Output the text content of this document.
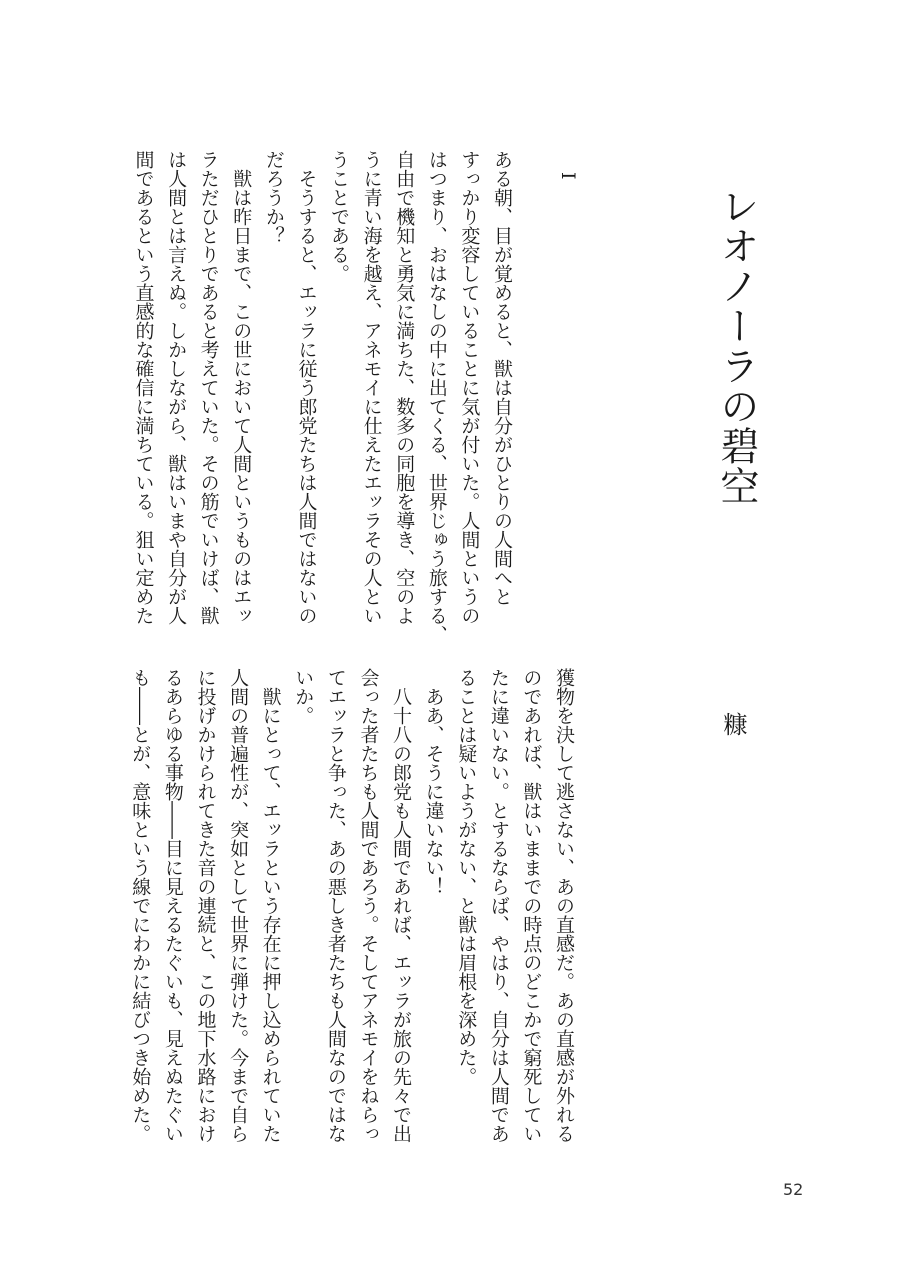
レオノーラの碧空
糠
I

ある朝、目が覚めると、獣は自分がひとりの人間へと
すっかり変容していることに気が付いた。人間というの
はつまり、おはなしの中に出てくる、世界じゅう旅する、
自由で機知と勇気に満ちた、数多の同胞を導き、空のよ
うに青い海を越え、アネモイに仕えたエッラその人とい
うことである。
　そうすると、エッラに従う郎党たちは人間ではないの
だろうか？
　獣は昨日まで、この世において人間というものはエッ
ラただひとりであると考えていた。その筋でいけば、獣
は人間とは言えぬ。しかしながら、獣はいまや自分が人
間であるという直感的な確信に満ちている。狙い定めた

獲物を決して逃さない、あの直感だ。あの直感が外れる
のであれば、獣はいままでの時点のどこかで窮死してい
たに違いない。とするならば、やはり、自分は人間であ
ることは疑いようがない、と獣は眉根を深めた。
　ああ、そうに違いない！
　八十八の郎党も人間であれば、エッラが旅の先々で出
会った者たちも人間であろう。そしてアネモイをねらっ
てエッラと争った、あの悪しき者たちも人間なのではな
いか。
　獣にとって、エッラという存在に押し込められていた
人間の普遍性が、突如として世界に弾けた。今まで自ら
に投げかけられてきた音の連続と、この地下水路におけ
るあらゆる事物――目に見えるたぐいも、見えぬたぐい
も――とが、意味という線でにわかに結びつき始めた。

52
